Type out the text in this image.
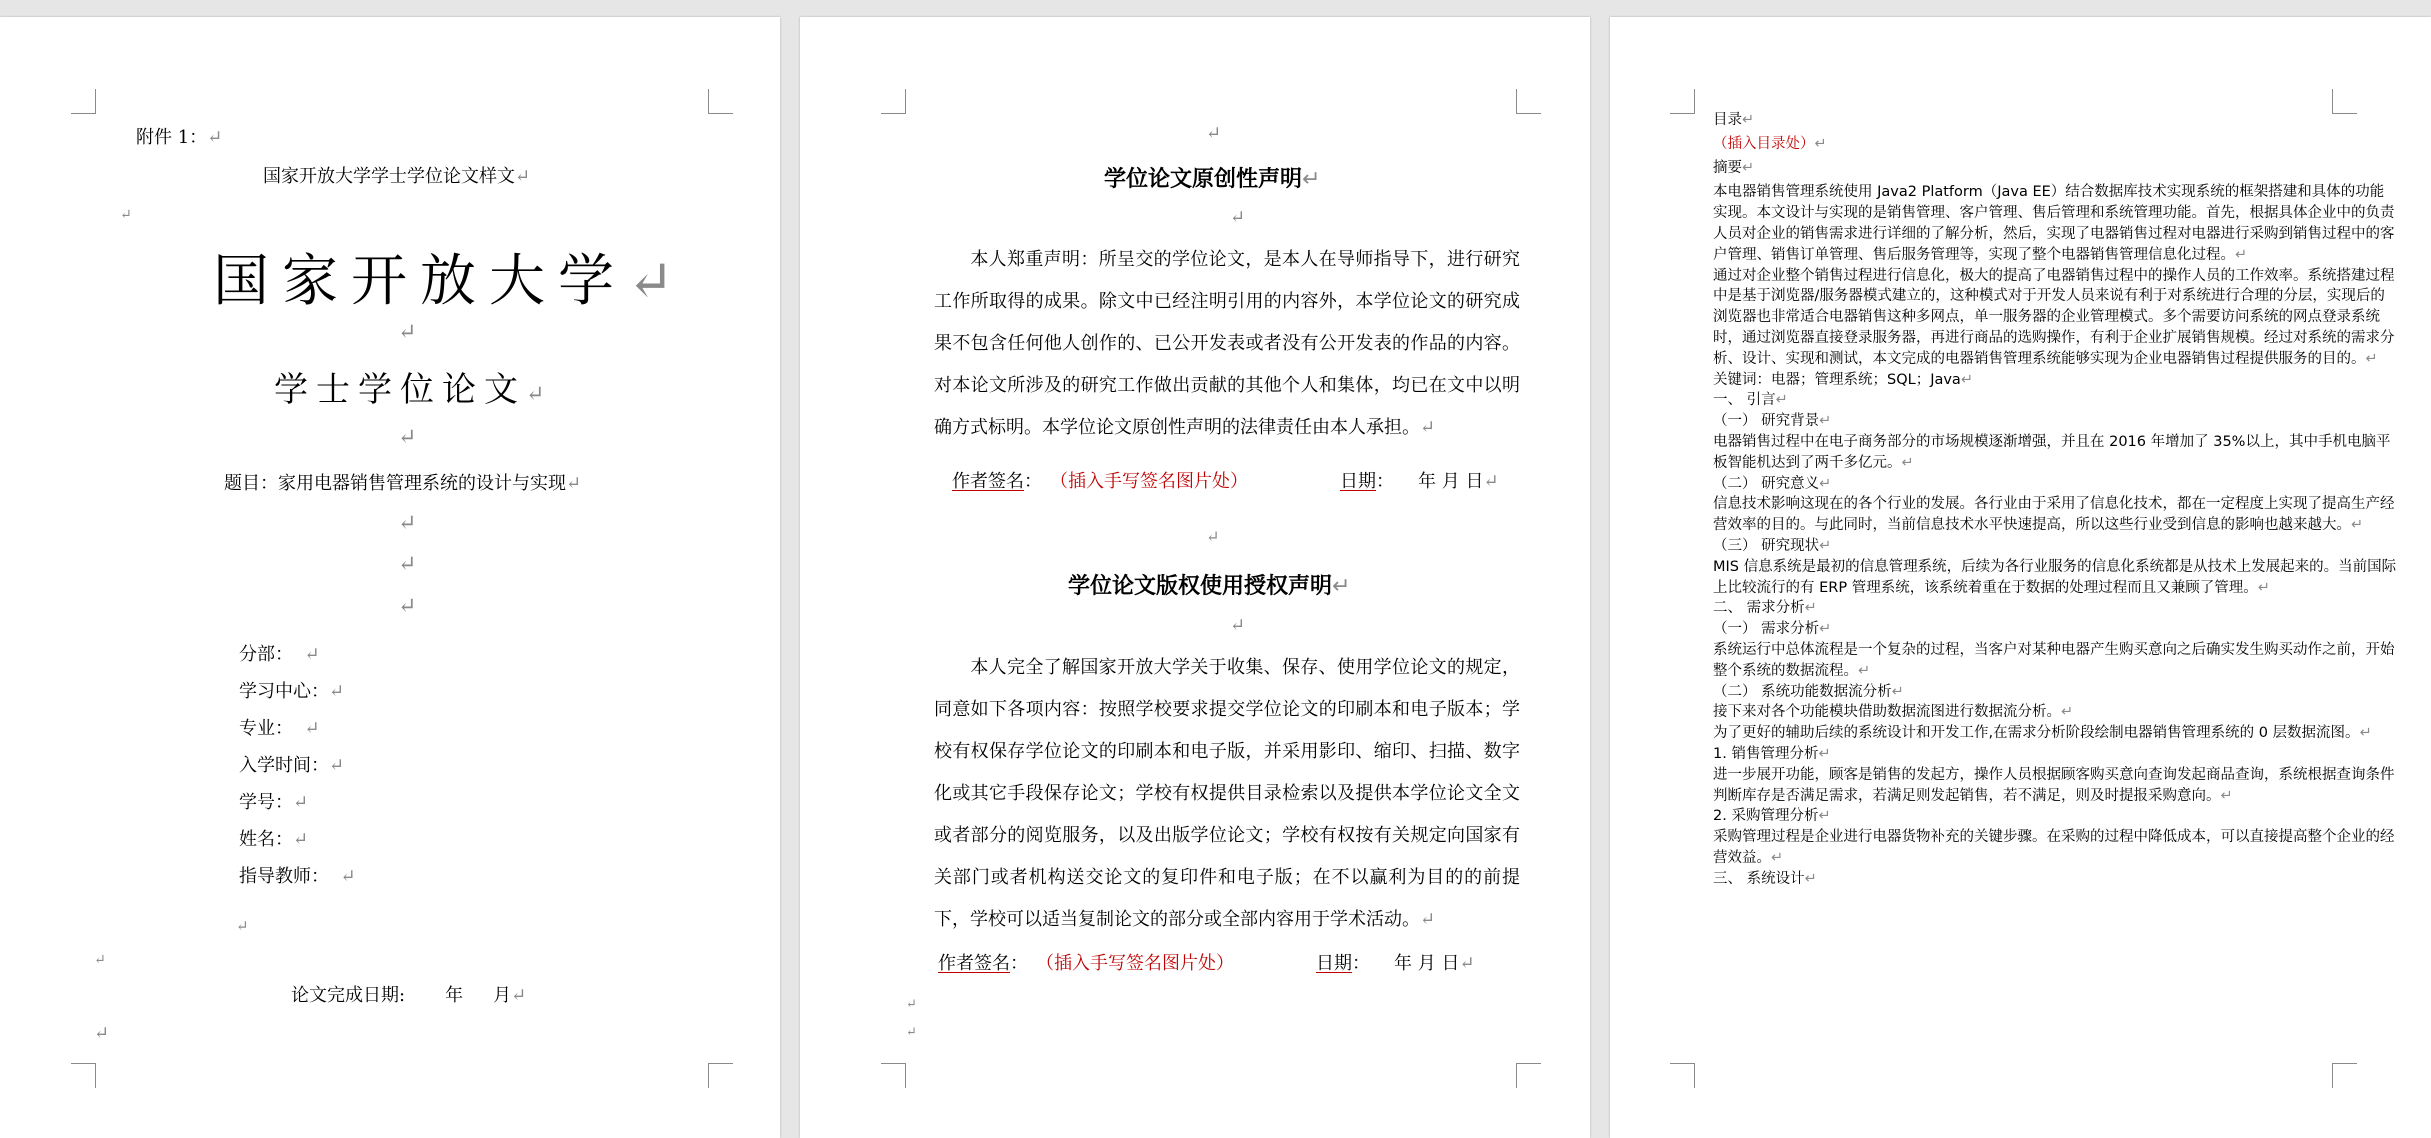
附件 1：↵
国家开放大学学士学位论文样文↵
↵
国家开放大学↵
↵
学士学位论文↵
↵
题目：家用电器销售管理系统的设计与实现↵
↵
↵
↵
分部：  ↵
学习中心：↵
专业：  ↵
入学时间：↵
学号：↵
姓名：↵
指导教师：  ↵
↵
↵
论文完成日期: 年 月↵
↵
↵
学位论文原创性声明↵
↵
本人郑重声明：所呈交的学位论文，是本人在导师指导下，进行研究工作所取得的成果。除文中已经注明引用的内容外，本学位论文的研究成果不包含任何他人创作的、已公开发表或者没有公开发表的作品的内容。对本论文所涉及的研究工作做出贡献的其他个人和集体，均已在文中以明确方式标明。本学位论文原创性声明的法律责任由本人承担。↵
作者签名： （插入手写签名图片处）	日期： 年 月 日↵
↵
学位论文版权使用授权声明↵
↵
本人完全了解国家开放大学关于收集、保存、使用学位论文的规定，同意如下各项内容：按照学校要求提交学位论文的印刷本和电子版本；学校有权保存学位论文的印刷本和电子版，并采用影印、缩印、扫描、数字化或其它手段保存论文；学校有权提供目录检索以及提供本学位论文全文或者部分的阅览服务，以及出版学位论文；学校有权按有关规定向国家有关部门或者机构送交论文的复印件和电子版；在不以赢利为目的的前提下，学校可以适当复制论文的部分或全部内容用于学术活动。↵
作者签名： （插入手写签名图片处）	日期： 年 月 日↵
↵
↵
目录↵
（插入目录处）↵
摘要↵
本电器销售管理系统使用 Java2 Platform（Java EE）结合数据库技术实现系统的框架搭建和具体的功能实现。本文设计与实现的是销售管理、客户管理、售后管理和系统管理功能。首先，根据具体企业中的负责人员对企业的销售需求进行详细的了解分析，然后，实现了电器销售过程对电器进行采购到销售过程中的客户管理、销售订单管理、售后服务管理等，实现了整个电器销售管理信息化过程。↵
通过对企业整个销售过程进行信息化，极大的提高了电器销售过程中的操作人员的工作效率。系统搭建过程中是基于浏览器/服务器模式建立的，这种模式对于开发人员来说有利于对系统进行合理的分层，实现后的浏览器也非常适合电器销售这种多网点，单一服务器的企业管理模式。多个需要访问系统的网点登录系统时，通过浏览器直接登录服务器，再进行商品的选购操作，有利于企业扩展销售规模。经过对系统的需求分析、设计、实现和测试，本文完成的电器销售管理系统能够实现为企业电器销售过程提供服务的目的。↵
关键词：电器；管理系统；SQL；Java↵
一、 引言↵
（一） 研究背景↵
电器销售过程中在电子商务部分的市场规模逐渐增强，并且在 2016 年增加了 35%以上，其中手机电脑平板智能机达到了两千多亿元。↵
（二） 研究意义↵
信息技术影响这现在的各个行业的发展。各行业由于采用了信息化技术，都在一定程度上实现了提高生产经营效率的目的。与此同时，当前信息技术水平快速提高，所以这些行业受到信息的影响也越来越大。↵
（三） 研究现状↵
MIS 信息系统是最初的信息管理系统，后续为各行业服务的信息化系统都是从技术上发展起来的。当前国际上比较流行的有 ERP 管理系统，该系统着重在于数据的处理过程而且又兼顾了管理。↵
二、 需求分析↵
（一） 需求分析↵
系统运行中总体流程是一个复杂的过程，当客户对某种电器产生购买意向之后确实发生购买动作之前，开始整个系统的数据流程。↵
（二） 系统功能数据流分析↵
接下来对各个功能模块借助数据流图进行数据流分析。↵
为了更好的辅助后续的系统设计和开发工作,在需求分析阶段绘制电器销售管理系统的 0 层数据流图。↵
1. 销售管理分析↵
进一步展开功能，顾客是销售的发起方，操作人员根据顾客购买意向查询发起商品查询，系统根据查询条件判断库存是否满足需求，若满足则发起销售，若不满足，则及时提报采购意向。↵
2. 采购管理分析↵
采购管理过程是企业进行电器货物补充的关键步骤。在采购的过程中降低成本，可以直接提高整个企业的经营效益。↵
三、 系统设计↵
